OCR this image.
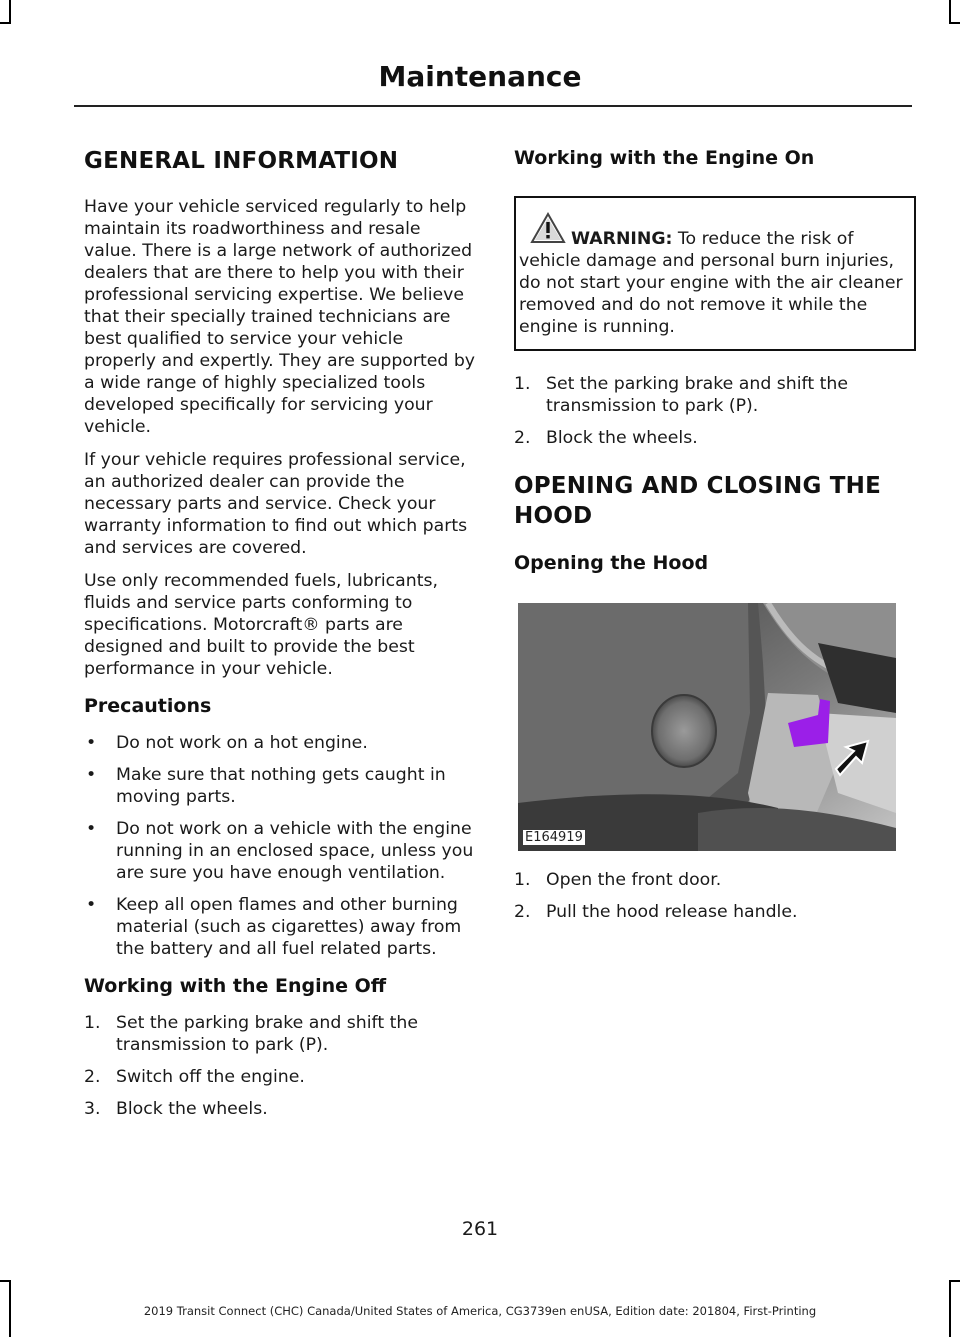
Maintenance
GENERAL INFORMATION

Have your vehicle serviced regularly to help maintain its roadworthiness and resale value. There is a large network of authorized dealers that are there to help you with their professional servicing expertise. We believe that their specially trained technicians are best qualified to service your vehicle properly and expertly. They are supported by a wide range of highly specialized tools developed specifically for servicing your vehicle.

If your vehicle requires professional service, an authorized dealer can provide the necessary parts and service. Check your warranty information to find out which parts and services are covered.

Use only recommended fuels, lubricants, fluids and service parts conforming to specifications. Motorcraft® parts are designed and built to provide the best performance in your vehicle.

Precautions
• Do not work on a hot engine.
• Make sure that nothing gets caught in moving parts.
• Do not work on a vehicle with the engine running in an enclosed space, unless you are sure you have enough ventilation.
• Keep all open flames and other burning material (such as cigarettes) away from the battery and all fuel related parts.
Working with the Engine Off
1. Set the parking brake and shift the transmission to park (P).
2. Switch off the engine.
3. Block the wheels.
Working with the Engine On
WARNING: To reduce the risk of vehicle damage and personal burn injuries, do not start your engine with the air cleaner removed and do not remove it while the engine is running.
1. Set the parking brake and shift the transmission to park (P).
2. Block the wheels.
OPENING AND CLOSING THE HOOD
Opening the Hood
E164919
1. Open the front door.
2. Pull the hood release handle.
261
2019 Transit Connect (CHC) Canada/United States of America, CG3739en enUSA, Edition date: 201804, First-Printing
